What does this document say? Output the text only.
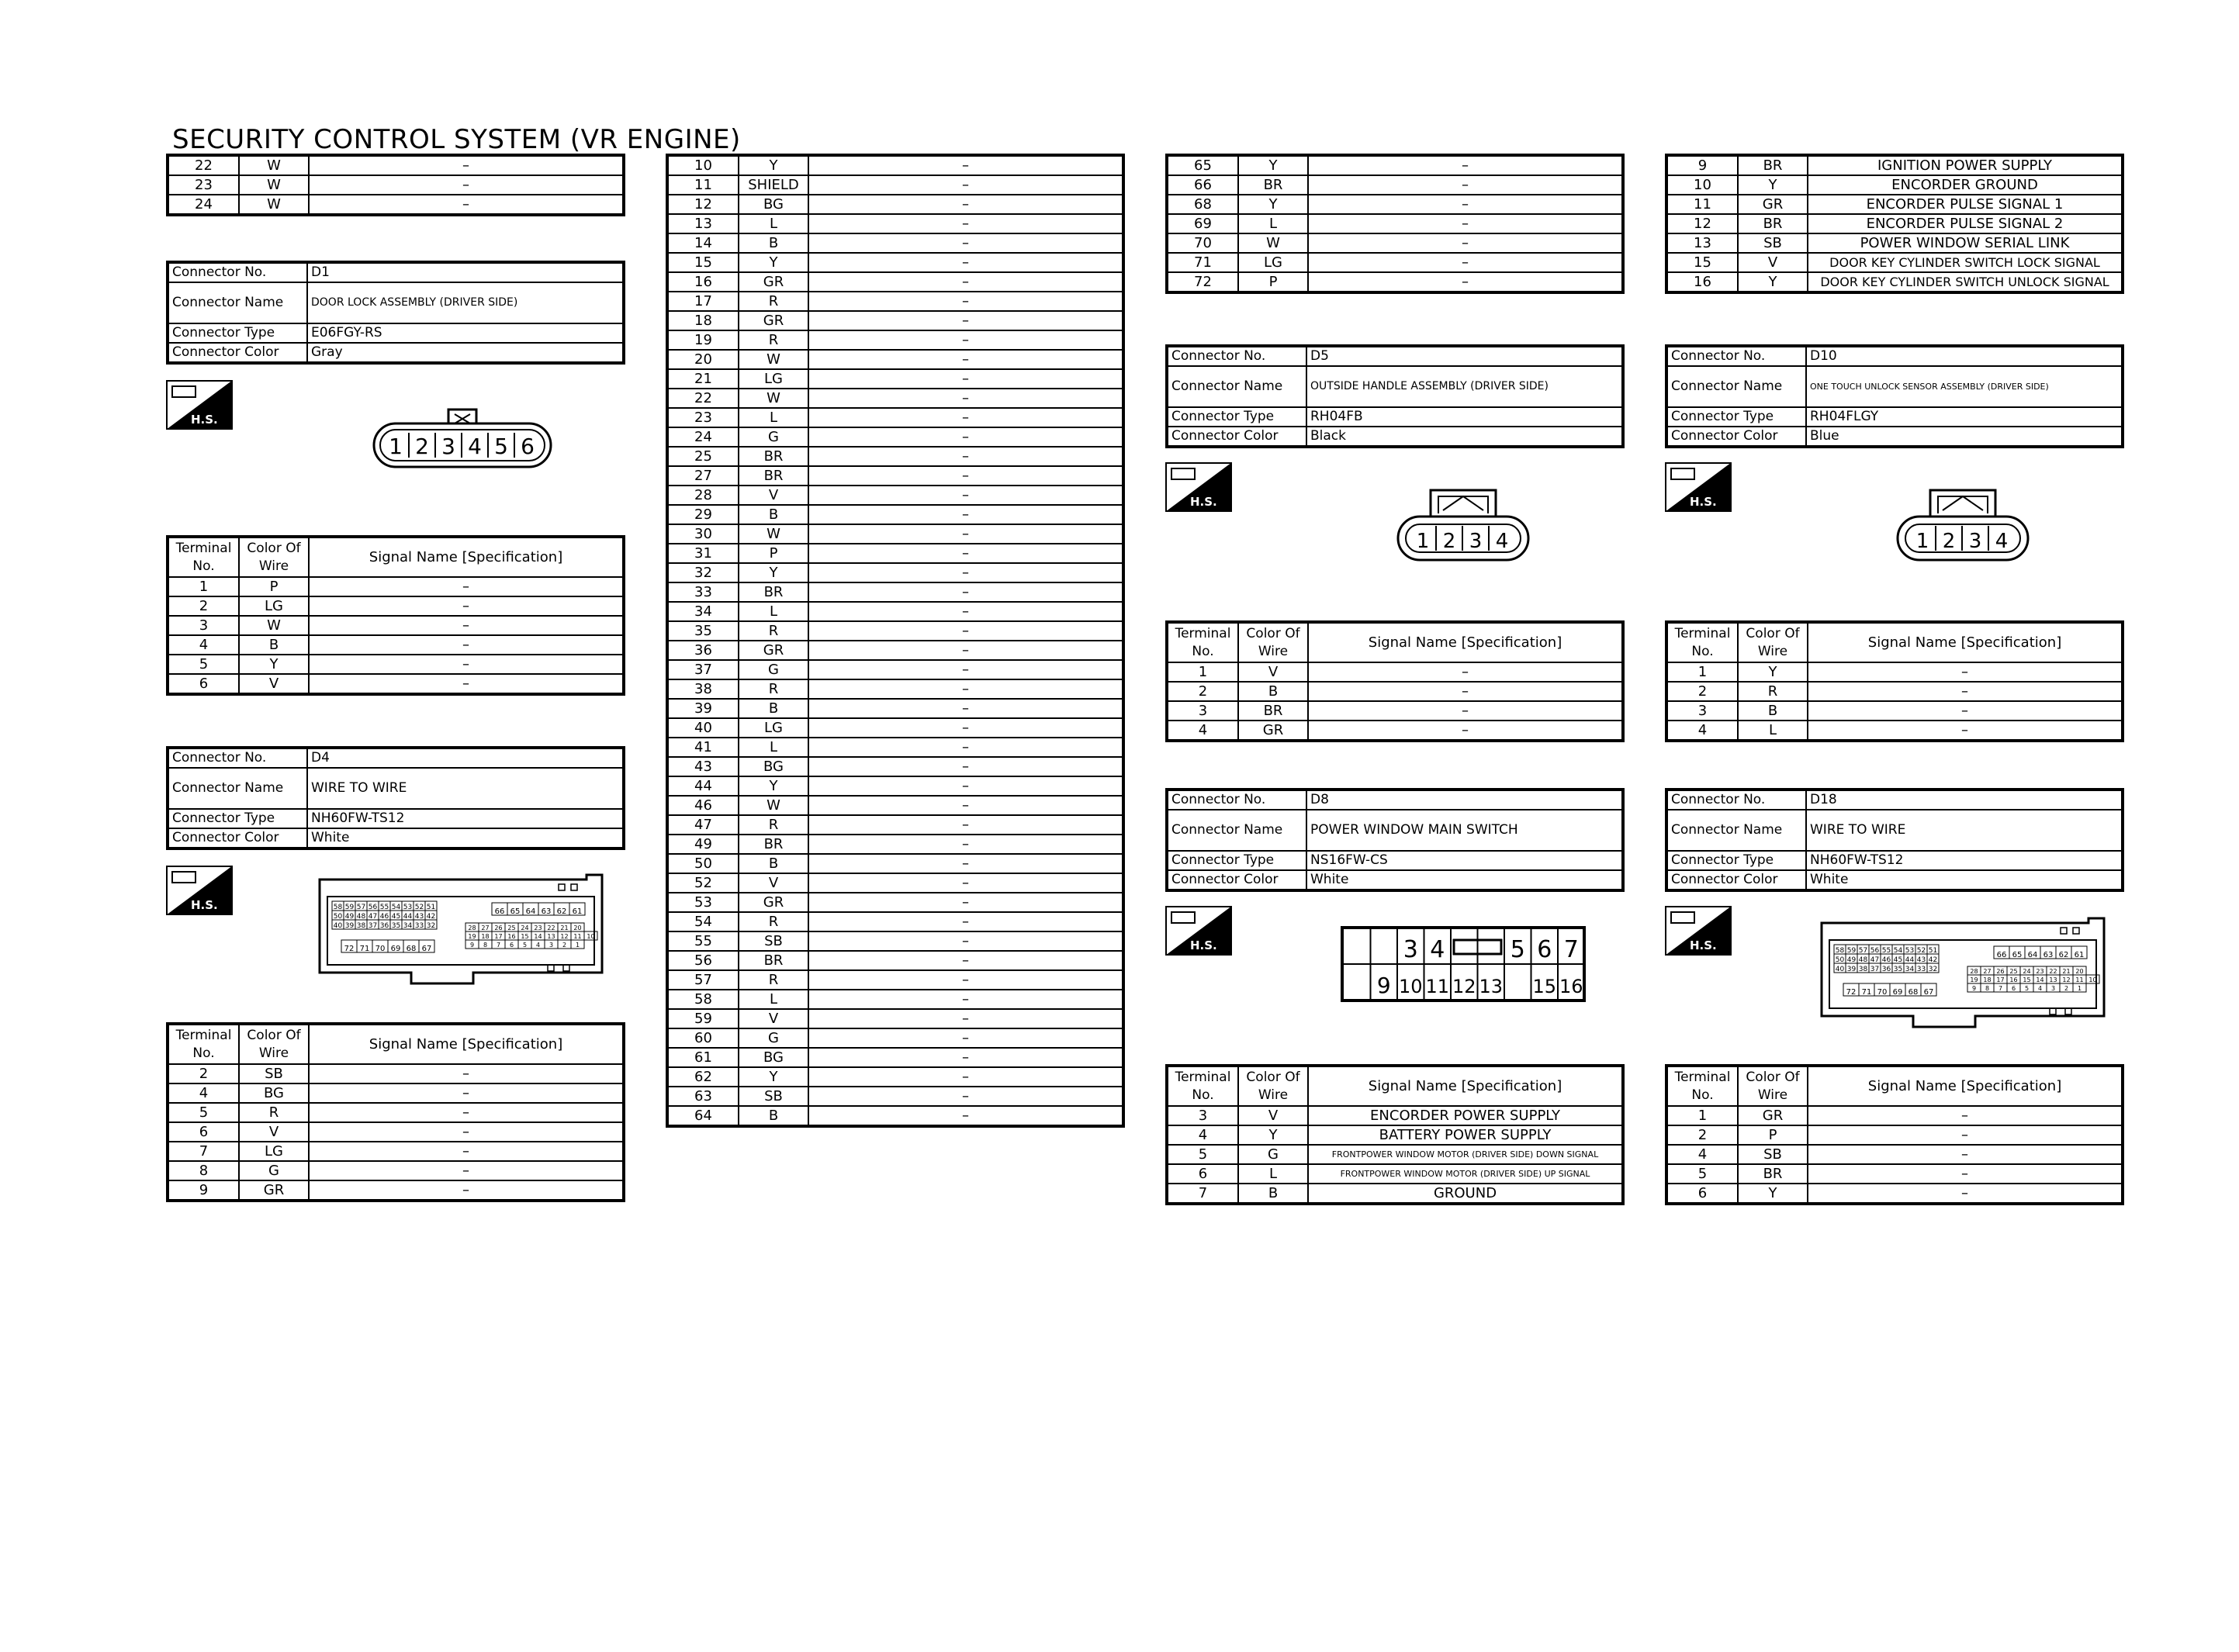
SECURITY CONTROL SYSTEM (VR ENGINE)
22	W	–
23	W	–
24	W	–
Connector No.	D1
Connector Name	DOOR LOCK ASSEMBLY (DRIVER SIDE)
Connector Type	E06FGY-RS
Connector Color	Gray
H.S.
1 2 3 4 5 6
Terminal No.	Color Of Wire	Signal Name [Specification]
1	P	–
2	LG	–
3	W	–
4	B	–
5	Y	–
6	V	–
Connector No.	D4
Connector Name	WIRE TO WIRE
Connector Type	NH60FW-TS12
Connector Color	White
H.S.	58 59 57 56 55 54 53 52 51
50 49 48 47 46 45 44 43 42
40 39 38 37 36 35 34 33 32
66 65 64 63 62 61
72 71 70 69 68 67
28 27 26 25 24 23 22 21 20
19 18 17 16 15 14 13 12 11 10
9 8 7 6 5 4 3 2 1
Terminal No.	Color Of Wire	Signal Name [Specification]
2	SB	–
4	BG	–
5	R	–
6	V	–
7	LG	–
8	G	–
9	GR	–
10	Y	–
11	SHIELD	–
12	BG	–
13	L	–
14	B	–
15	Y	–
16	GR	–
17	R	–
18	GR	–
19	R	–
20	W	–
21	LG	–
22	W	–
23	L	–
24	G	–
25	BR	–
27	BR	–
28	V	–
29	B	–
30	W	–
31	P	–
32	Y	–
33	BR	–
34	L	–
35	R	–
36	GR	–
37	G	–
38	R	–
39	B	–
40	LG	–
41	L	–
43	BG	–
44	Y	–
46	W	–
47	R	–
49	BR	–
50	B	–
52	V	–
53	GR	–
54	R	–
55	SB	–
56	BR	–
57	R	–
58	L	–
59	V	–
60	G	–
61	BG	–
62	Y	–
63	SB	–
64	B	–
65	Y	–
66	BR	–
68	Y	–
69	L	–
70	W	–
71	LG	–
72	P	–
Connector No.	D5
Connector Name	OUTSIDE HANDLE ASSEMBLY (DRIVER SIDE)
Connector Type	RH04FB
Connector Color	Black
H.S.
1 2 3 4
Terminal No.	Color Of Wire	Signal Name [Specification]
1	V	–
2	B	–
3	BR	–
4	GR	–
Connector No.	D8
Connector Name	POWER WINDOW MAIN SWITCH
Connector Type	NS16FW-CS
Connector Color	White
H.S.	3 4	5 6 7
9 10 11 12 13 15 16
Terminal No.	Color Of Wire	Signal Name [Specification]
3	V	ENCORDER POWER SUPPLY
4	Y	BATTERY POWER SUPPLY
5	G	FRONTPOWER WINDOW MOTOR (DRIVER SIDE) DOWN SIGNAL
6	L	FRONTPOWER WINDOW MOTOR (DRIVER SIDE) UP SIGNAL
7	B	GROUND
9	BR	IGNITION POWER SUPPLY
10	Y	ENCORDER GROUND
11	GR	ENCORDER PULSE SIGNAL 1
12	BR	ENCORDER PULSE SIGNAL 2
13	SB	POWER WINDOW SERIAL LINK
15	V	DOOR KEY CYLINDER SWITCH LOCK SIGNAL
16	Y	DOOR KEY CYLINDER SWITCH UNLOCK SIGNAL
Connector No.	D10
Connector Name	ONE TOUCH UNLOCK SENSOR ASSEMBLY (DRIVER SIDE)
Connector Type	RH04FLGY
Connector Color	Blue
H.S.
1 2 3 4
Terminal No.	Color Of Wire	Signal Name [Specification]
1	Y	–
2	R	–
3	B	–
4	L	–
Connector No.	D18
Connector Name	WIRE TO WIRE
Connector Type	NH60FW-TS12
Connector Color	White
H.S.	58 59 57 56 55 54 53 52 51
50 49 48 47 46 45 44 43 42
40 39 38 37 36 35 34 33 32
66 65 64 63 62 61
72 71 70 69 68 67
28 27 26 25 24 23 22 21 20
19 18 17 16 15 14 13 12 11 10
9 8 7 6 5 4 3 2 1
Terminal No.	Color Of Wire	Signal Name [Specification]
1	GR	–
2	P	–
4	SB	–
5	BR	–
6	Y	–
